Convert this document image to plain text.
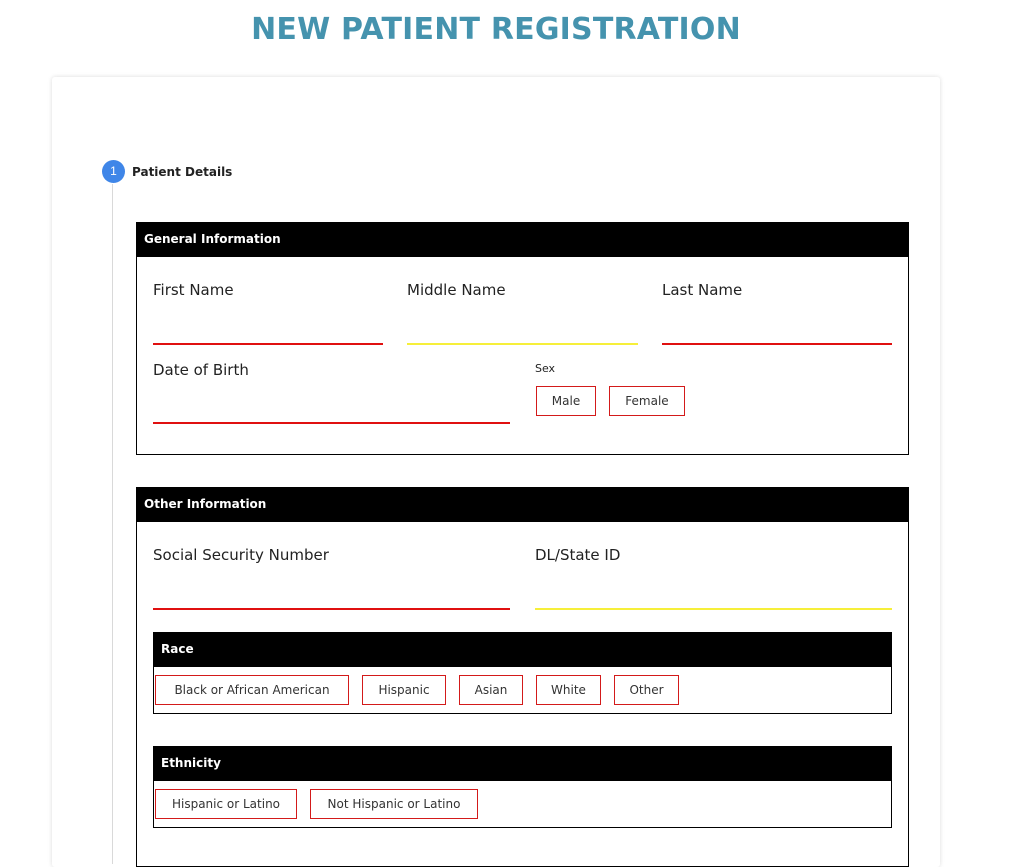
NEW PATIENT REGISTRATION
1	Patient Details
General Information
First Name	Middle Name	Last Name
Date of Birth	Sex
Male	Female
Other Information
Social Security Number	DL/State ID
Race
Black or African American	Hispanic	Asian	White	Other
Ethnicity
Hispanic or Latino	Not Hispanic or Latino
